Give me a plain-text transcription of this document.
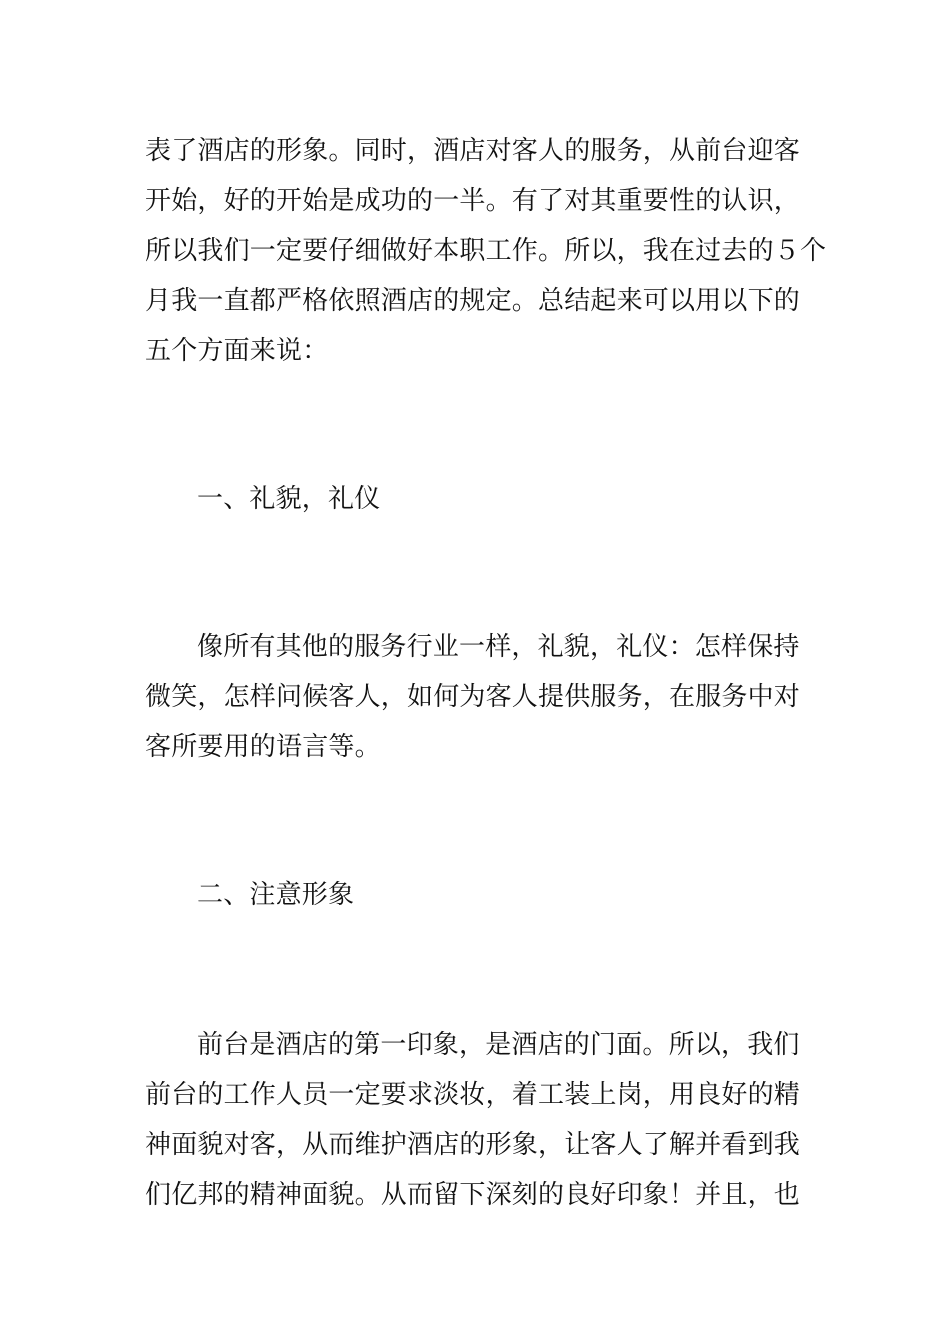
表了酒店的形象。同时，酒店对客人的服务，从前台迎客
开始，好的开始是成功的一半。有了对其重要性的认识，
所以我们一定要仔细做好本职工作。所以，我在过去的５个
月我一直都严格依照酒店的规定。总结起来可以用以下的
五个方面来说：
一、礼貌，礼仪
像所有其他的服务行业一样，礼貌，礼仪：怎样保持
微笑，怎样问候客人，如何为客人提供服务，在服务中对
客所要用的语言等。
二、注意形象
前台是酒店的第一印象，是酒店的门面。所以，我们
前台的工作人员一定要求淡妆，着工装上岗，用良好的精
神面貌对客，从而维护酒店的形象，让客人了解并看到我
们亿邦的精神面貌。从而留下深刻的良好印象！并且，也
